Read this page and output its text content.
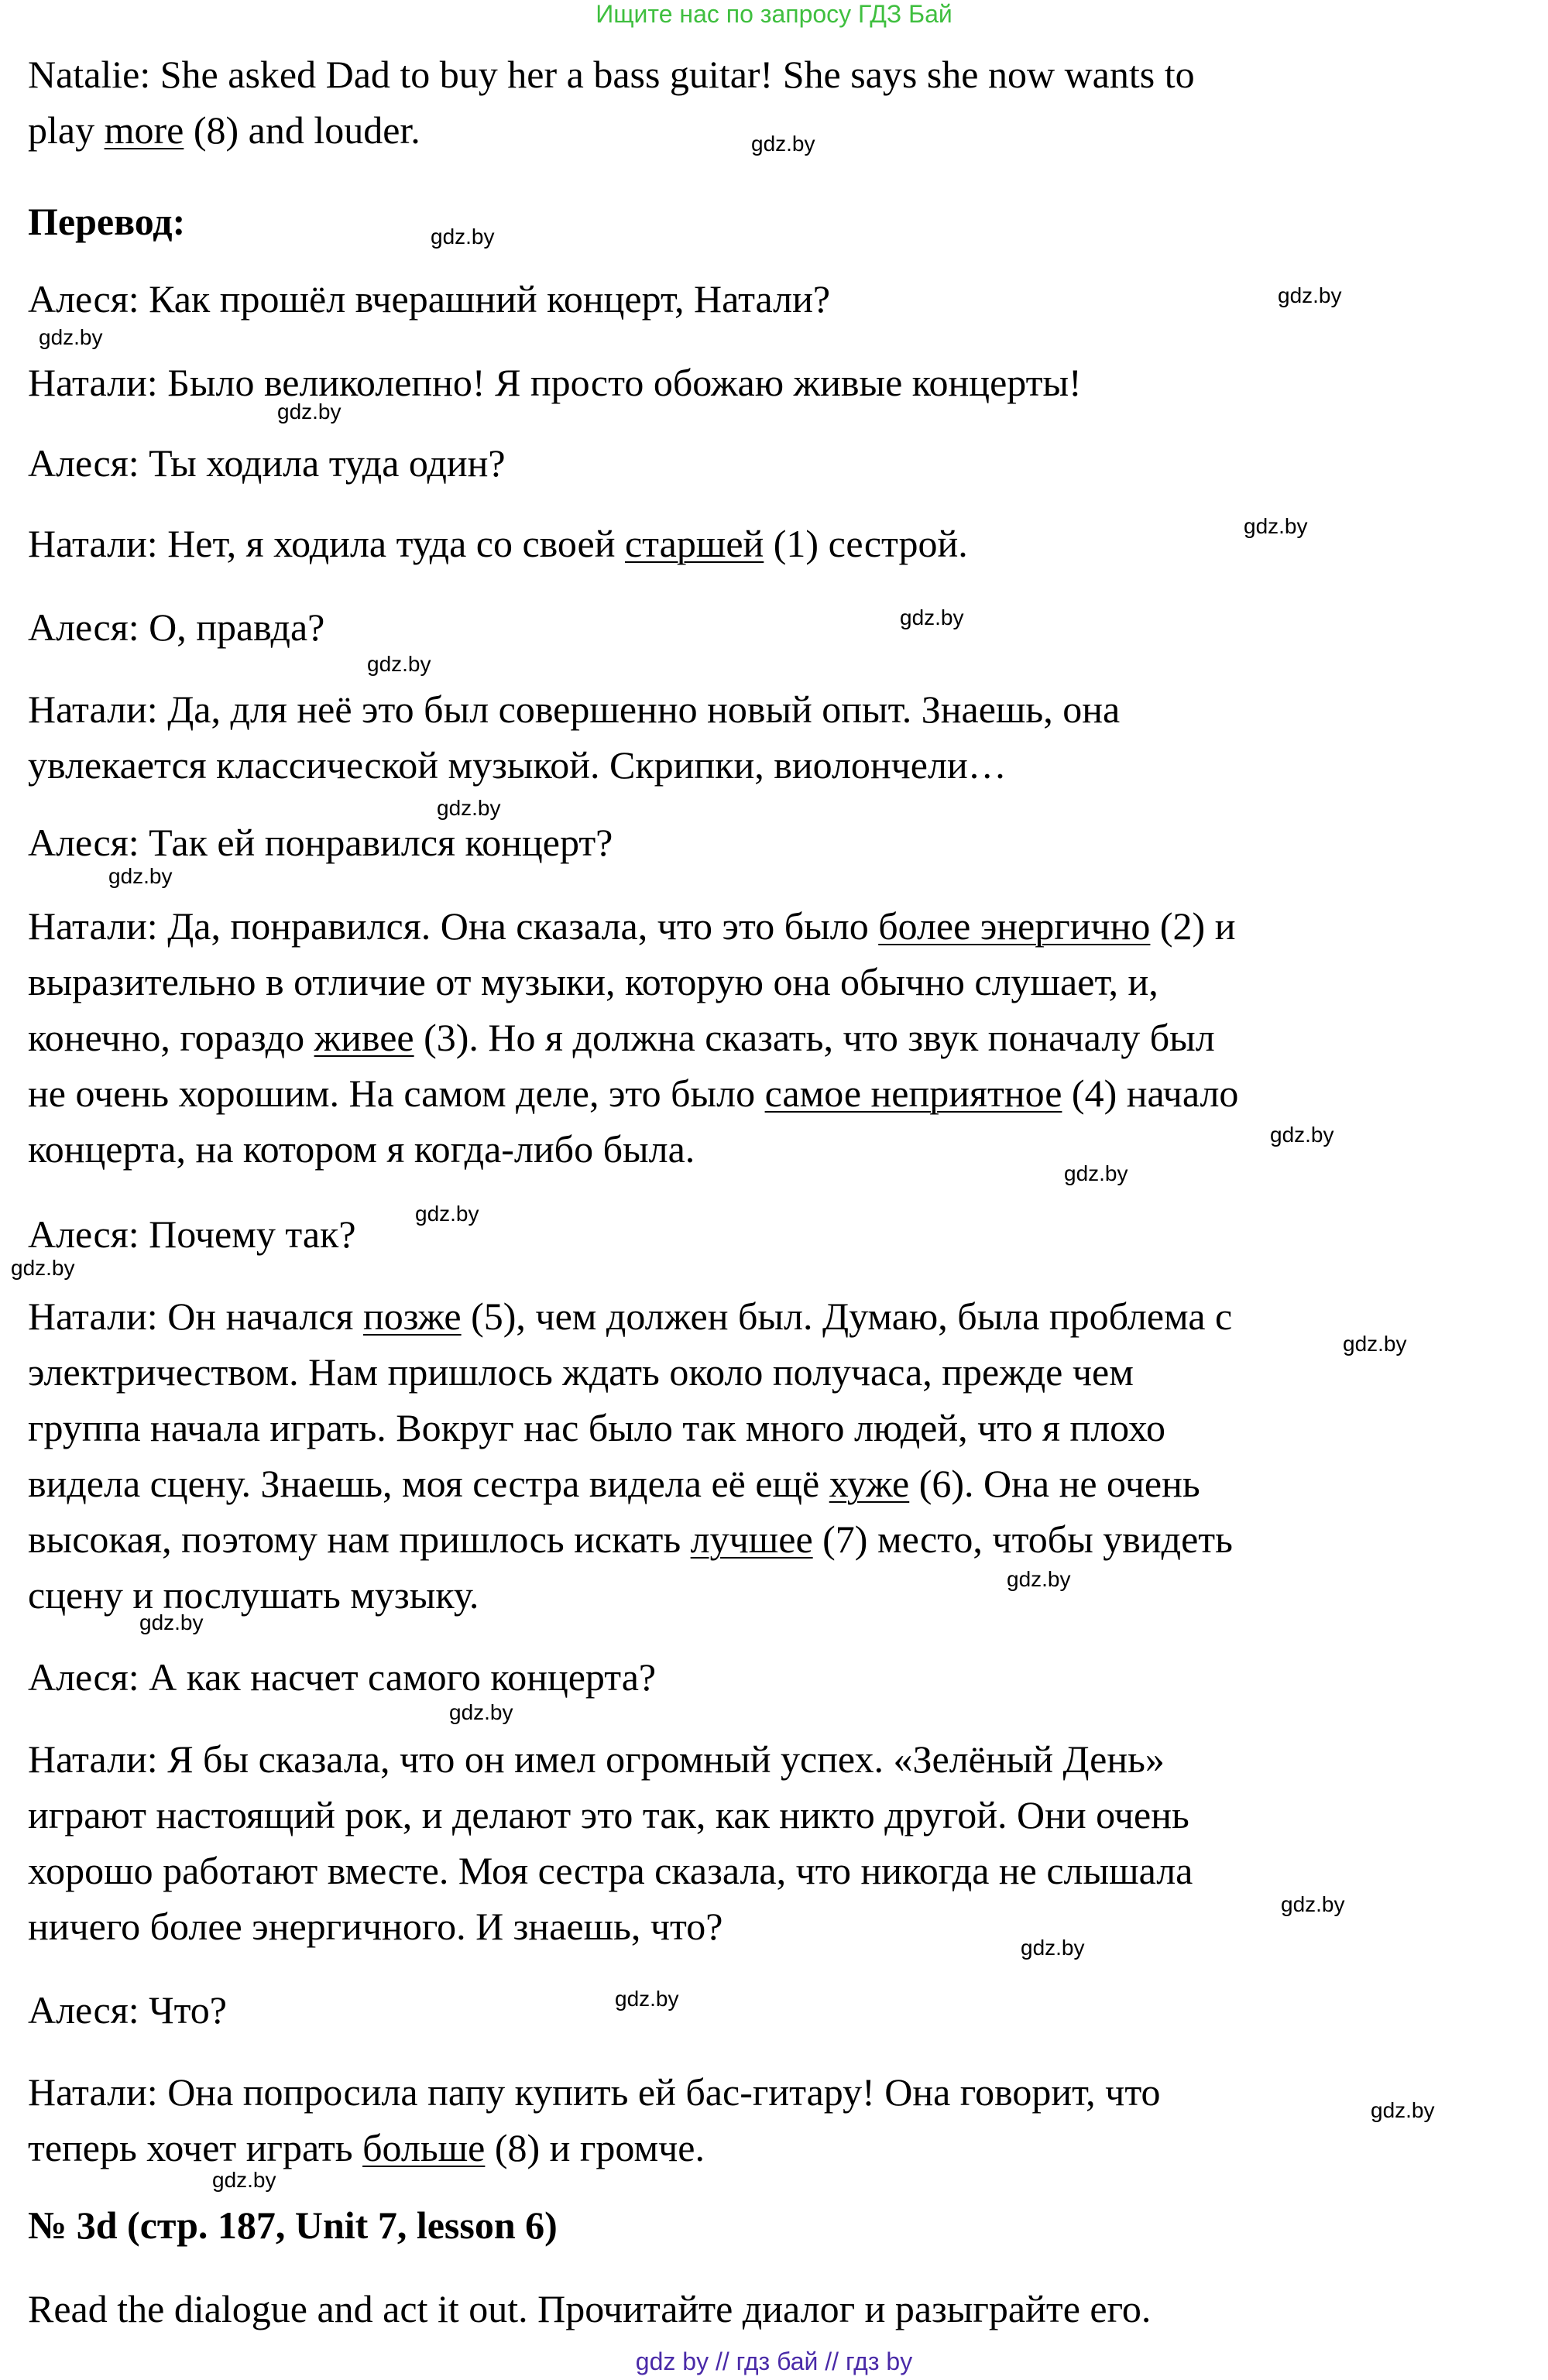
Ищите нас по запросу ГДЗ Бай
Natalie: She asked Dad to buy her a bass guitar! She says she now wants to
play more (8) and louder.
Перевод:
Алеся: Как прошёл вчерашний концерт, Натали?
Натали: Было великолепно! Я просто обожаю живые концерты!
Алеся: Ты ходила туда один?
Натали: Нет, я ходила туда со своей старшей (1) сестрой.
Алеся: О, правда?
Натали: Да, для неё это был совершенно новый опыт. Знаешь, она
увлекается классической музыкой. Скрипки, виолончели…
Алеся: Так ей понравился концерт?
Натали: Да, понравился. Она сказала, что это было более энергично (2) и
выразительно в отличие от музыки, которую она обычно слушает, и,
конечно, гораздо живее (3). Но я должна сказать, что звук поначалу был
не очень хорошим. На самом деле, это было самое неприятное (4) начало
концерта, на котором я когда-либо была.
Алеся: Почему так?
Натали: Он начался позже (5), чем должен был. Думаю, была проблема с
электричеством. Нам пришлось ждать около получаса, прежде чем
группа начала играть. Вокруг нас было так много людей, что я плохо
видела сцену. Знаешь, моя сестра видела её ещё хуже (6). Она не очень
высокая, поэтому нам пришлось искать лучшее (7) место, чтобы увидеть
сцену и послушать музыку.
Алеся: А как насчет самого концерта?
Натали: Я бы сказала, что он имел огромный успех. «Зелёный День»
играют настоящий рок, и делают это так, как никто другой. Они очень
хорошо работают вместе. Моя сестра сказала, что никогда не слышала
ничего более энергичного. И знаешь, что?
Алеся: Что?
Натали: Она попросила папу купить ей бас-гитару! Она говорит, что
теперь хочет играть больше (8) и громче.
№ 3d (стр. 187, Unit 7, lesson 6)
Read the dialogue and act it out. Прочитайте диалог и разыграйте его.
gdz.by
gdz.by
gdz.by
gdz.by
gdz.by
gdz.by
gdz.by
gdz.by
gdz.by
gdz.by
gdz.by
gdz.by
gdz.by
gdz.by
gdz.by
gdz.by
gdz.by
gdz.by
gdz.by
gdz.by
gdz.by
gdz.by
gdz.by
gdz by // гдз бай // гдз by
